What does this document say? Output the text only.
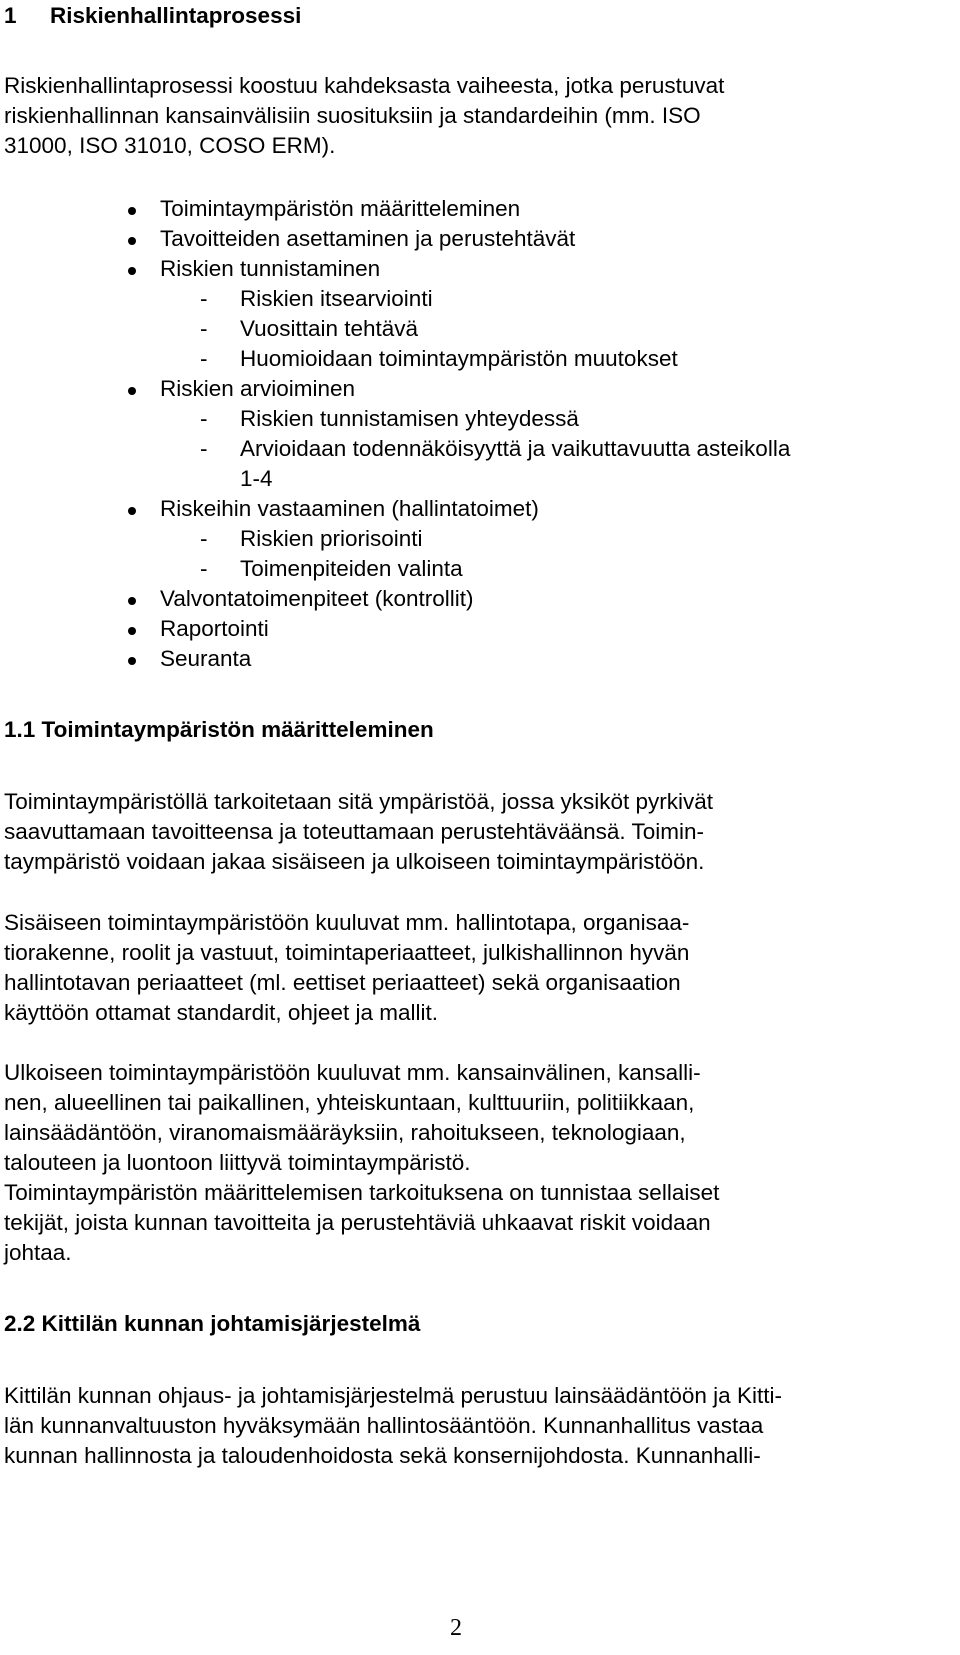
1 Riskienhallintaprosessi
Riskienhallintaprosessi koostuu kahdeksasta vaiheesta, jotka perustuvat
riskienhallinnan kansainvälisiin suosituksiin ja standardeihin (mm. ISO
31000, ISO 31010, COSO ERM).
Toimintaympäristön määritteleminen
Tavoitteiden asettaminen ja perustehtävät
Riskien tunnistaminen
- Riskien itsearviointi
- Vuosittain tehtävä
- Huomioidaan toimintaympäristön muutokset
Riskien arvioiminen
- Riskien tunnistamisen yhteydessä
- Arvioidaan todennäköisyyttä ja vaikuttavuutta asteikolla
1-4
Riskeihin vastaaminen (hallintatoimet)
- Riskien priorisointi
- Toimenpiteiden valinta
Valvontatoimenpiteet (kontrollit)
Raportointi
Seuranta
1.1 Toimintaympäristön määritteleminen
Toimintaympäristöllä tarkoitetaan sitä ympäristöä, jossa yksiköt pyrkivät
saavuttamaan tavoitteensa ja toteuttamaan perustehtäväänsä. Toimin-
taympäristö voidaan jakaa sisäiseen ja ulkoiseen toimintaympäristöön.
Sisäiseen toimintaympäristöön kuuluvat mm. hallintotapa, organisaa-
tiorakenne, roolit ja vastuut, toimintaperiaatteet, julkishallinnon hyvän
hallintotavan periaatteet (ml. eettiset periaatteet) sekä organisaation
käyttöön ottamat standardit, ohjeet ja mallit.
Ulkoiseen toimintaympäristöön kuuluvat mm. kansainvälinen, kansalli-
nen, alueellinen tai paikallinen, yhteiskuntaan, kulttuuriin, politiikkaan,
lainsäädäntöön, viranomaismääräyksiin, rahoitukseen, teknologiaan,
talouteen ja luontoon liittyvä toimintaympäristö.
Toimintaympäristön määrittelemisen tarkoituksena on tunnistaa sellaiset
tekijät, joista kunnan tavoitteita ja perustehtäviä uhkaavat riskit voidaan
johtaa.
2.2 Kittilän kunnan johtamisjärjestelmä
Kittilän kunnan ohjaus- ja johtamisjärjestelmä perustuu lainsäädäntöön ja Kitti-
län kunnanvaltuuston hyväksymään hallintosääntöön. Kunnanhallitus vastaa
kunnan hallinnosta ja taloudenhoidosta sekä konsernijohdosta. Kunnanhalli-
2
